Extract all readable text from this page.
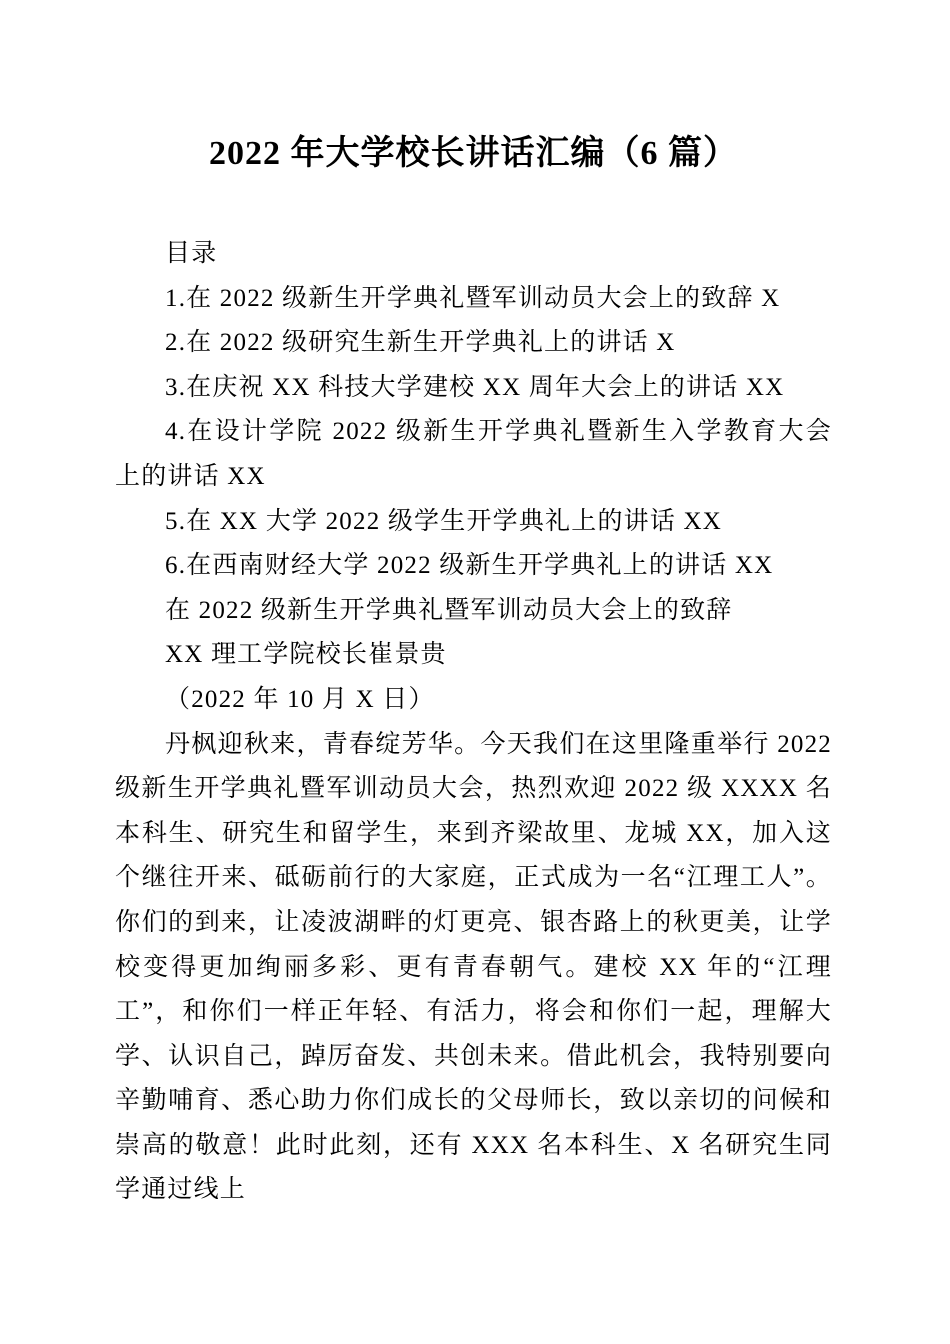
2022 年大学校长讲话汇编（6 篇）

目录

1.在 2022 级新生开学典礼暨军训动员大会上的致辞 X

2.在 2022 级研究生新生开学典礼上的讲话 X

3.在庆祝 XX 科技大学建校 XX 周年大会上的讲话 XX

4.在设计学院 2022 级新生开学典礼暨新生入学教育大会上的讲话 XX

5.在 XX 大学 2022 级学生开学典礼上的讲话 XX

6.在西南财经大学 2022 级新生开学典礼上的讲话 XX

在 2022 级新生开学典礼暨军训动员大会上的致辞

XX 理工学院校长崔景贵

（2022 年 10 月 X 日）

丹枫迎秋来，青春绽芳华。今天我们在这里隆重举行 2022 级新生开学典礼暨军训动员大会，热烈欢迎 2022 级 XXXX 名本科生、研究生和留学生，来到齐梁故里、龙城 XX，加入这个继往开来、砥砺前行的大家庭，正式成为一名“江理工人”。你们的到来，让凌波湖畔的灯更亮、银杏路上的秋更美，让学校变得更加绚丽多彩、更有青春朝气。建校 XX 年的“江理工”，和你们一样正年轻、有活力，将会和你们一起，理解大学、认识自己，踔厉奋发、共创未来。借此机会，我特别要向辛勤哺育、悉心助力你们成长的父母师长，致以亲切的问候和崇高的敬意！此时此刻，还有 XXX 名本科生、X 名研究生同学通过线上
